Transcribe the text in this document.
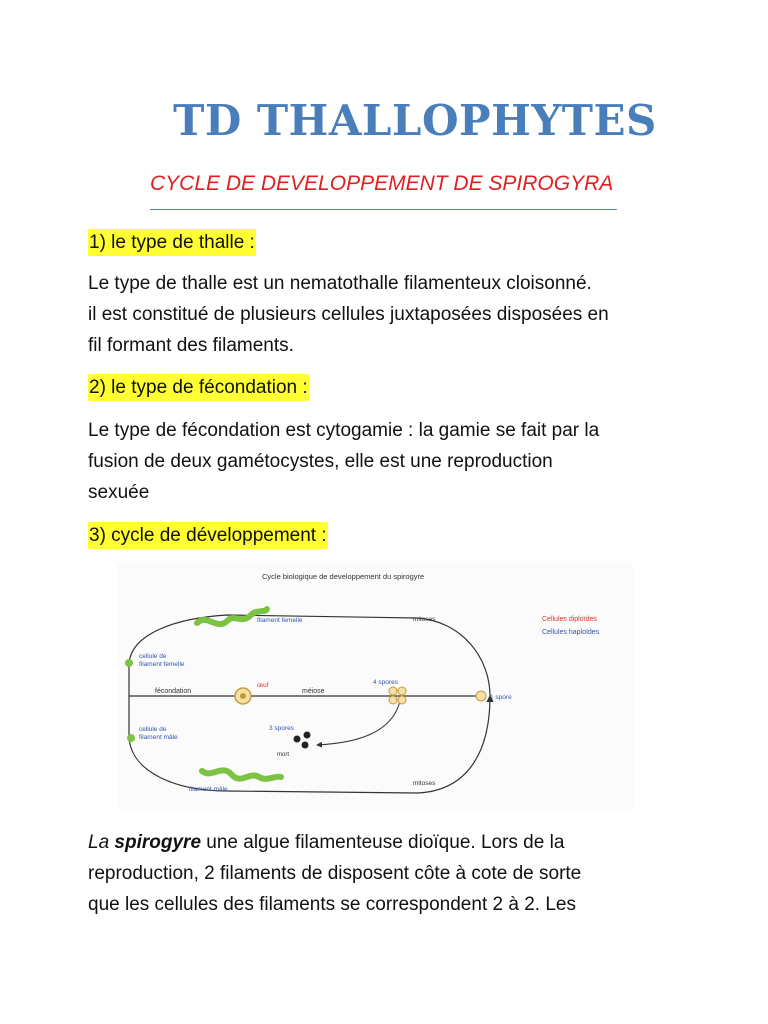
TD THALLOPHYTES
CYCLE DE DEVELOPPEMENT DE SPIROGYRA
1) le type de thalle :

Le type de thalle est un nematothalle filamenteux cloisonné.

il est constitué de plusieurs cellules juxtaposées disposées en

fil formant des filaments.

2) le type de fécondation :

Le type de fécondation est cytogamie : la gamie se fait par la

fusion de deux gamétocystes, elle est une reproduction

sexuée

3) cycle de développement :
Cycle biologique de developpement du spirogyre
Cellules diploïdes
Cellules haploïdes
filament femelle
cellule de
filament femelle
fécondation
œuf
méiose
4 spores
1 spore
cellule de
filament mâle
3 spores
mort
filament mâle
mitoses
mitoses

La spirogyre une algue filamenteuse dioïque. Lors de la

reproduction, 2 filaments de disposent côte à cote de sorte

que les cellules des filaments se correspondent 2 à 2. Les
